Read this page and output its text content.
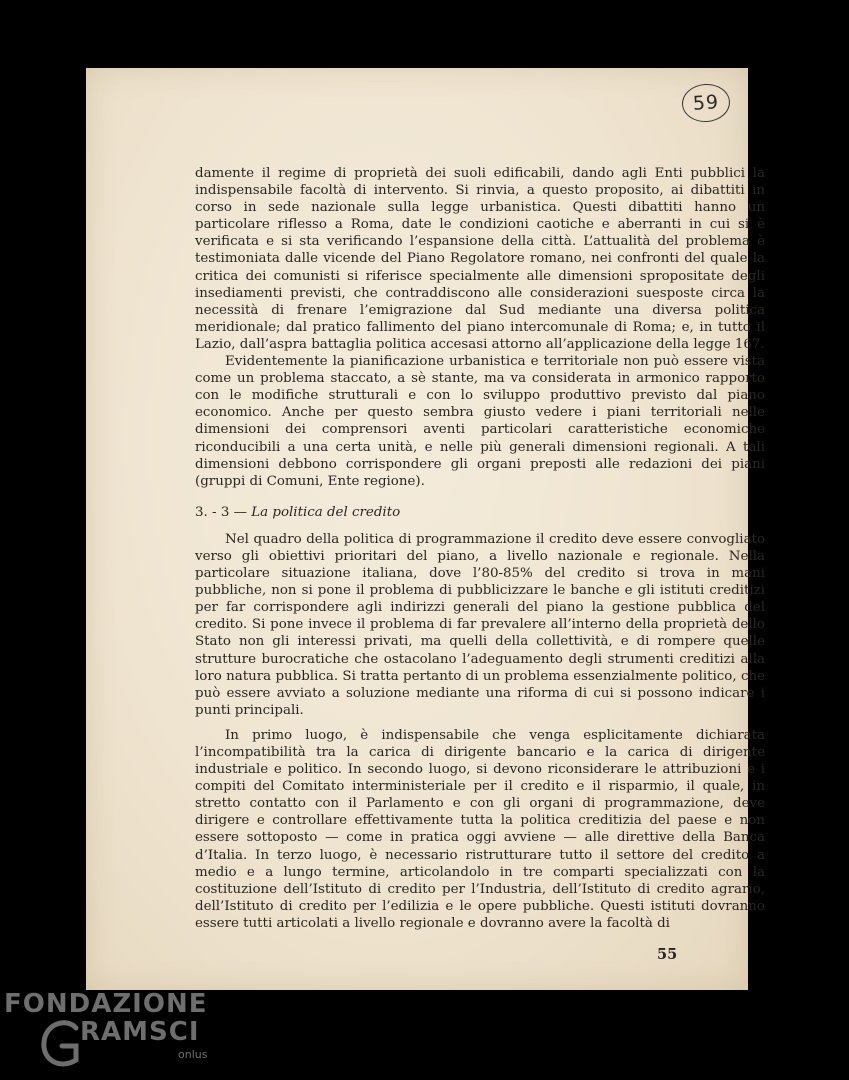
59

damente il regime di proprietà dei suoli edificabili, dando agli Enti pubblici la indispensabile facoltà di intervento. Si rinvia, a questo proposito, ai dibattiti in corso in sede nazionale sulla legge urbanistica. Questi dibattiti hanno un particolare riflesso a Roma, date le condizioni caotiche e aberranti in cui si è verificata e si sta verificando l’espansione della città. L’attualità del problema è testimoniata dalle vicende del Piano Regolatore romano, nei confronti del quale la critica dei comunisti si riferisce specialmente alle dimensioni spropositate degli insediamenti previsti, che contraddiscono alle considerazioni suesposte circa la necessità di frenare l’emigrazione dal Sud mediante una diversa politica meridionale; dal pratico fallimento del piano intercomunale di Roma; e, in tutto il Lazio, dall’aspra battaglia politica accesasi attorno all’applicazione della legge 167.

Evidentemente la pianificazione urbanistica e territoriale non può essere vista come un problema staccato, a sè stante, ma va considerata in armonico rapporto con le modifiche strutturali e con lo sviluppo produttivo previsto dal piano economico. Anche per questo sembra giusto vedere i piani territoriali nelle dimensioni dei comprensori aventi particolari caratteristiche economiche riconducibili a una certa unità, e nelle più generali dimensioni regionali. A tali dimensioni debbono corrispondere gli organi preposti alle redazioni dei piani (gruppi di Comuni, Ente regione).

3. - 3 — La politica del credito

Nel quadro della politica di programmazione il credito deve essere convogliato verso gli obiettivi prioritari del piano, a livello nazionale e regionale. Nella particolare situazione italiana, dove l’80-85% del credito si trova in mani pubbliche, non si pone il problema di pubblicizzare le banche e gli istituti creditizi per far corrispondere agli indirizzi generali del piano la gestione pubblica del credito. Si pone invece il problema di far prevalere all’interno della proprietà dello Stato non gli interessi privati, ma quelli della collettività, e di rompere quelle strutture burocratiche che ostacolano l’adeguamento degli strumenti creditizi alla loro natura pubblica. Si tratta pertanto di un problema essenzialmente politico, che può essere avviato a soluzione mediante una riforma di cui si possono indicare i punti principali.

In primo luogo, è indispensabile che venga esplicitamente dichiarata l’incompatibilità tra la carica di dirigente bancario e la carica di dirigente industriale e politico. In secondo luogo, si devono riconsiderare le attribuzioni e i compiti del Comitato interministeriale per il credito e il risparmio, il quale, in stretto contatto con il Parlamento e con gli organi di programmazione, deve dirigere e controllare effettivamente tutta la politica creditizia del paese e non essere sottoposto — come in pratica oggi avviene — alle direttive della Banca d’Italia. In terzo luogo, è necessario ristrutturare tutto il settore del credito a medio e a lungo termine, articolandolo in tre comparti specializzati con la costituzione dell’Istituto di credito per l’Industria, dell’Istituto di credito agrario, dell’Istituto di credito per l’edilizia e le opere pubbliche. Questi istituti dovranno essere tutti articolati a livello regionale e dovranno avere la facoltà di

55
FONDAZIONE
RAMSCI
onlus
